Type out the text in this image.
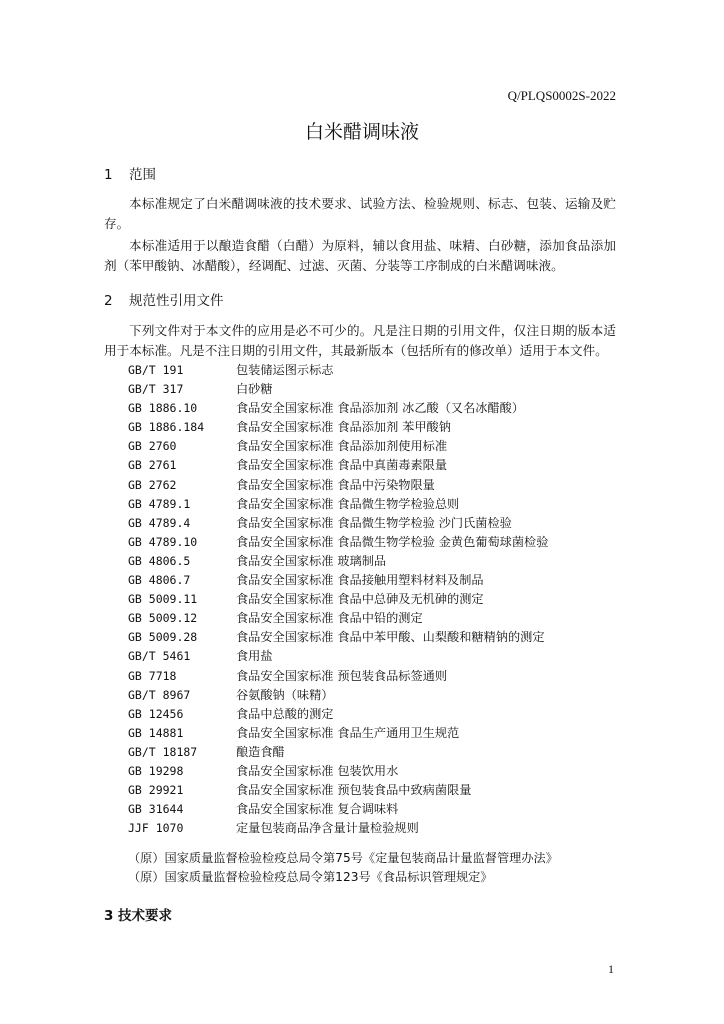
Q/PLQS0002S-2022
白米醋调味液
1 范围

本标准规定了白米醋调味液的技术要求、试验方法、检验规则、标志、包装、运输及贮存。

本标准适用于以酿造食醋（白醋）为原料，辅以食用盐、味精、白砂糖，添加食品添加剂（苯甲酸钠、冰醋酸），经调配、过滤、灭菌、分装等工序制成的白米醋调味液。

2 规范性引用文件

下列文件对于本文件的应用是必不可少的。凡是注日期的引用文件，仅注日期的版本适用于本标准。凡是不注日期的引用文件，其最新版本（包括所有的修改单）适用于本文件。

GB/T 191	包装储运图示标志
GB/T 317	白砂糖
GB 1886.10	食品安全国家标准 食品添加剂 冰乙酸（又名冰醋酸）
GB 1886.184	食品安全国家标准 食品添加剂 苯甲酸钠
GB 2760	食品安全国家标准 食品添加剂使用标准
GB 2761	食品安全国家标准 食品中真菌毒素限量
GB 2762	食品安全国家标准 食品中污染物限量
GB 4789.1	食品安全国家标准 食品微生物学检验总则
GB 4789.4	食品安全国家标准 食品微生物学检验 沙门氏菌检验
GB 4789.10	食品安全国家标准 食品微生物学检验 金黄色葡萄球菌检验
GB 4806.5	食品安全国家标准 玻璃制品
GB 4806.7	食品安全国家标准 食品接触用塑料材料及制品
GB 5009.11	食品安全国家标准 食品中总砷及无机砷的测定
GB 5009.12	食品安全国家标准 食品中铅的测定
GB 5009.28	食品安全国家标准 食品中苯甲酸、山梨酸和糖精钠的测定
GB/T 5461	食用盐
GB 7718	食品安全国家标准 预包装食品标签通则
GB/T 8967	谷氨酸钠（味精）
GB 12456	食品中总酸的测定
GB 14881	食品安全国家标准 食品生产通用卫生规范
GB/T 18187	酿造食醋
GB 19298	食品安全国家标准 包装饮用水
GB 29921	食品安全国家标准 预包装食品中致病菌限量
GB 31644	食品安全国家标准 复合调味料
JJF 1070	定量包装商品净含量计量检验规则
（原）国家质量监督检验检疫总局令第75号《定量包装商品计量监督管理办法》
（原）国家质量监督检验检疫总局令第123号《食品标识管理规定》
3 技术要求
1
